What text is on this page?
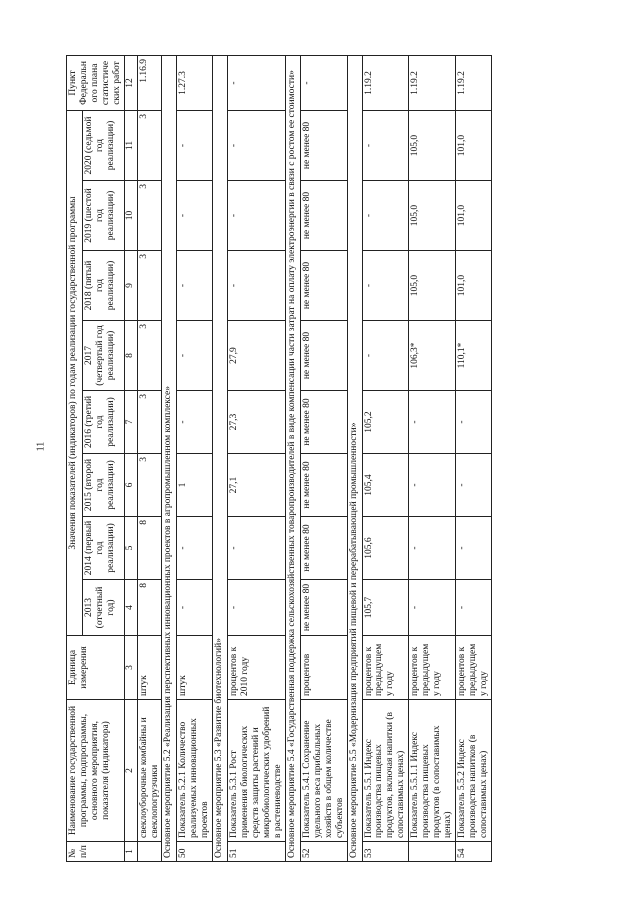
11
№ п/п	Наименование государственной программы, подпрограммы, основного мероприятия, показателя (индикатора)	Единица измерения	Значения показателей (индикаторов) по годам реализации государственной программы								Пункт Федерального плана статистических работ
			2013 (отчетный год)	2014 (первый год реализации)	2015 (второй год реализации)	2016 (третий год реализации)	2017 (четвертый год реализации)	2018 (пятый год реализации)	2019 (шестой год реализации)	2020 (седьмой год реализации)	
1	2	3	4	5	6	7	8	9	10	11	12
	свеклоуборочные комбайны и свеклопогрузчики	штук	8	8	3	3	3	3	3	3	1.16.9
Основное мероприятие 5.2 «Реализация перспективных инновационных проектов в агропромышленном комплексе»											
50	Показатель 5.2.1 Количество реализуемых инновационных проектов	штук	-	-	1	-	-	-	-	-	1.27.3
Основное мероприятие 5.3 «Развитие биотехнологий»											
51	Показатель 5.3.1 Рост применения биологических средств защиты растений и микробиологических удобрений в растениеводстве	процентов к 2010 году	-	-	27,1	27,3	27,9	-	-	-	-
Основное мероприятие 5.4 «Государственная поддержка сельскохозяйственных товаропроизводителей в виде компенсации части затрат на оплату электроэнергии в связи с ростом ее стоимости»											
52	Показатель 5.4.1 Сохранение удельного веса прибыльных хозяйств в общем количестве субъектов	процентов	не менее 80	не менее 80	не менее 80	не менее 80	не менее 80	не менее 80	не менее 80	не менее 80	-
Основное мероприятие 5.5 «Модернизация предприятий пищевой и перерабатывающей промышленности»											
53	Показатель 5.5.1 Индекс производства пищевых продуктов, включая напитки (в сопоставимых ценах)	процентов к предыдущему году	105,7	105,6	105,4	105,2	-	-	-	-	1.19.2
	Показатель 5.5.1.1 Индекс производства пищевых продуктов (в сопоставимых ценах)	процентов к предыдущему году	-	-	-	-	106,3*	105,0	105,0	105,0	1.19.2
54	Показатель 5.5.2 Индекс производства напитков (в сопоставимых ценах)	процентов к предыдущему году	-	-	-	-	110,1*	101,0	101,0	101,0	1.19.2
